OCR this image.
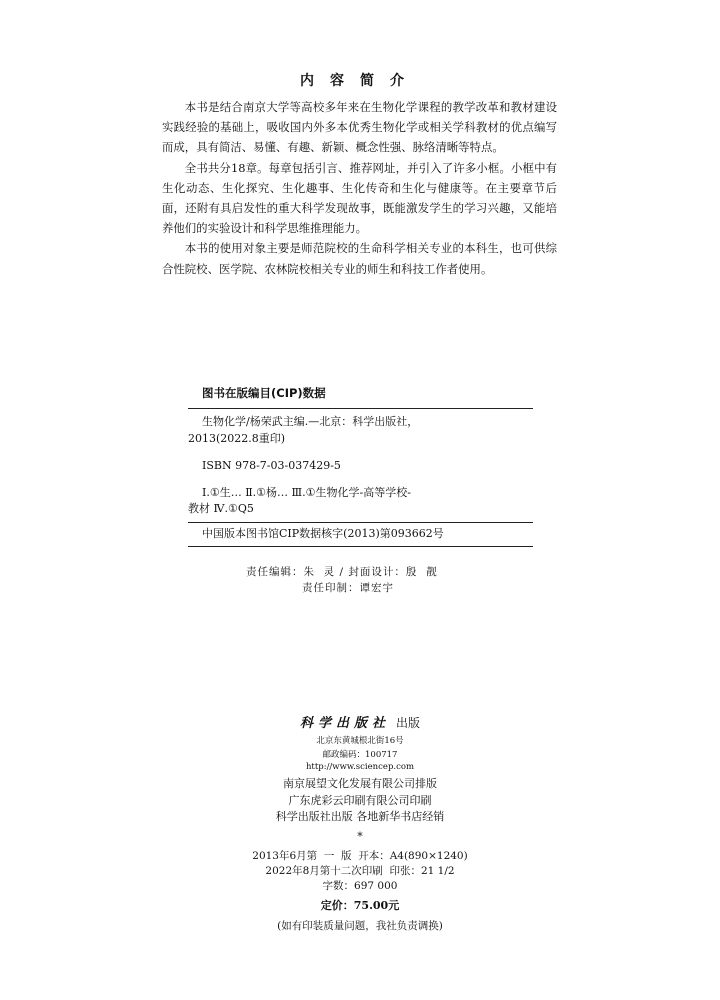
内容简介

本书是结合南京大学等高校多年来在生物化学课程的教学改革和教材建设实践经验的基础上，吸收国内外多本优秀生物化学或相关学科教材的优点编写而成，具有简洁、易懂、有趣、新颖、概念性强、脉络清晰等特点。

全书共分18章。每章包括引言、推荐网址，并引入了许多小框。小框中有生化动态、生化探究、生化趣事、生化传奇和生化与健康等。在主要章节后面，还附有具启发性的重大科学发现故事，既能激发学生的学习兴趣，又能培养他们的实验设计和科学思维推理能力。

本书的使用对象主要是师范院校的生命科学相关专业的本科生，也可供综合性院校、医学院、农林院校相关专业的师生和科技工作者使用。

图书在版编目(CIP)数据
生物化学/杨荣武主编.—北京：科学出版社，
2013(2022.8重印)
ISBN 978-7-03-037429-5
Ⅰ.①生… Ⅱ.①杨… Ⅲ.①生物化学-高等学校-
教材 Ⅳ.①Q5
中国版本图书馆CIP数据核字(2013)第093662号
责任编辑：朱  灵 / 封面设计：殷  靓
责任印制：谭宏宇
科学出版社 出版
北京东黄城根北街16号
邮政编码：100717
http://www.sciencep.com
南京展望文化发展有限公司排版
广东虎彩云印刷有限公司印刷
科学出版社出版 各地新华书店经销
*
2013年6月第  一  版  开本：A4(890×1240)
2022年8月第十二次印刷  印张：21 1/2
字数：697 000
定价：75.00元
(如有印装质量问题，我社负责调换)
